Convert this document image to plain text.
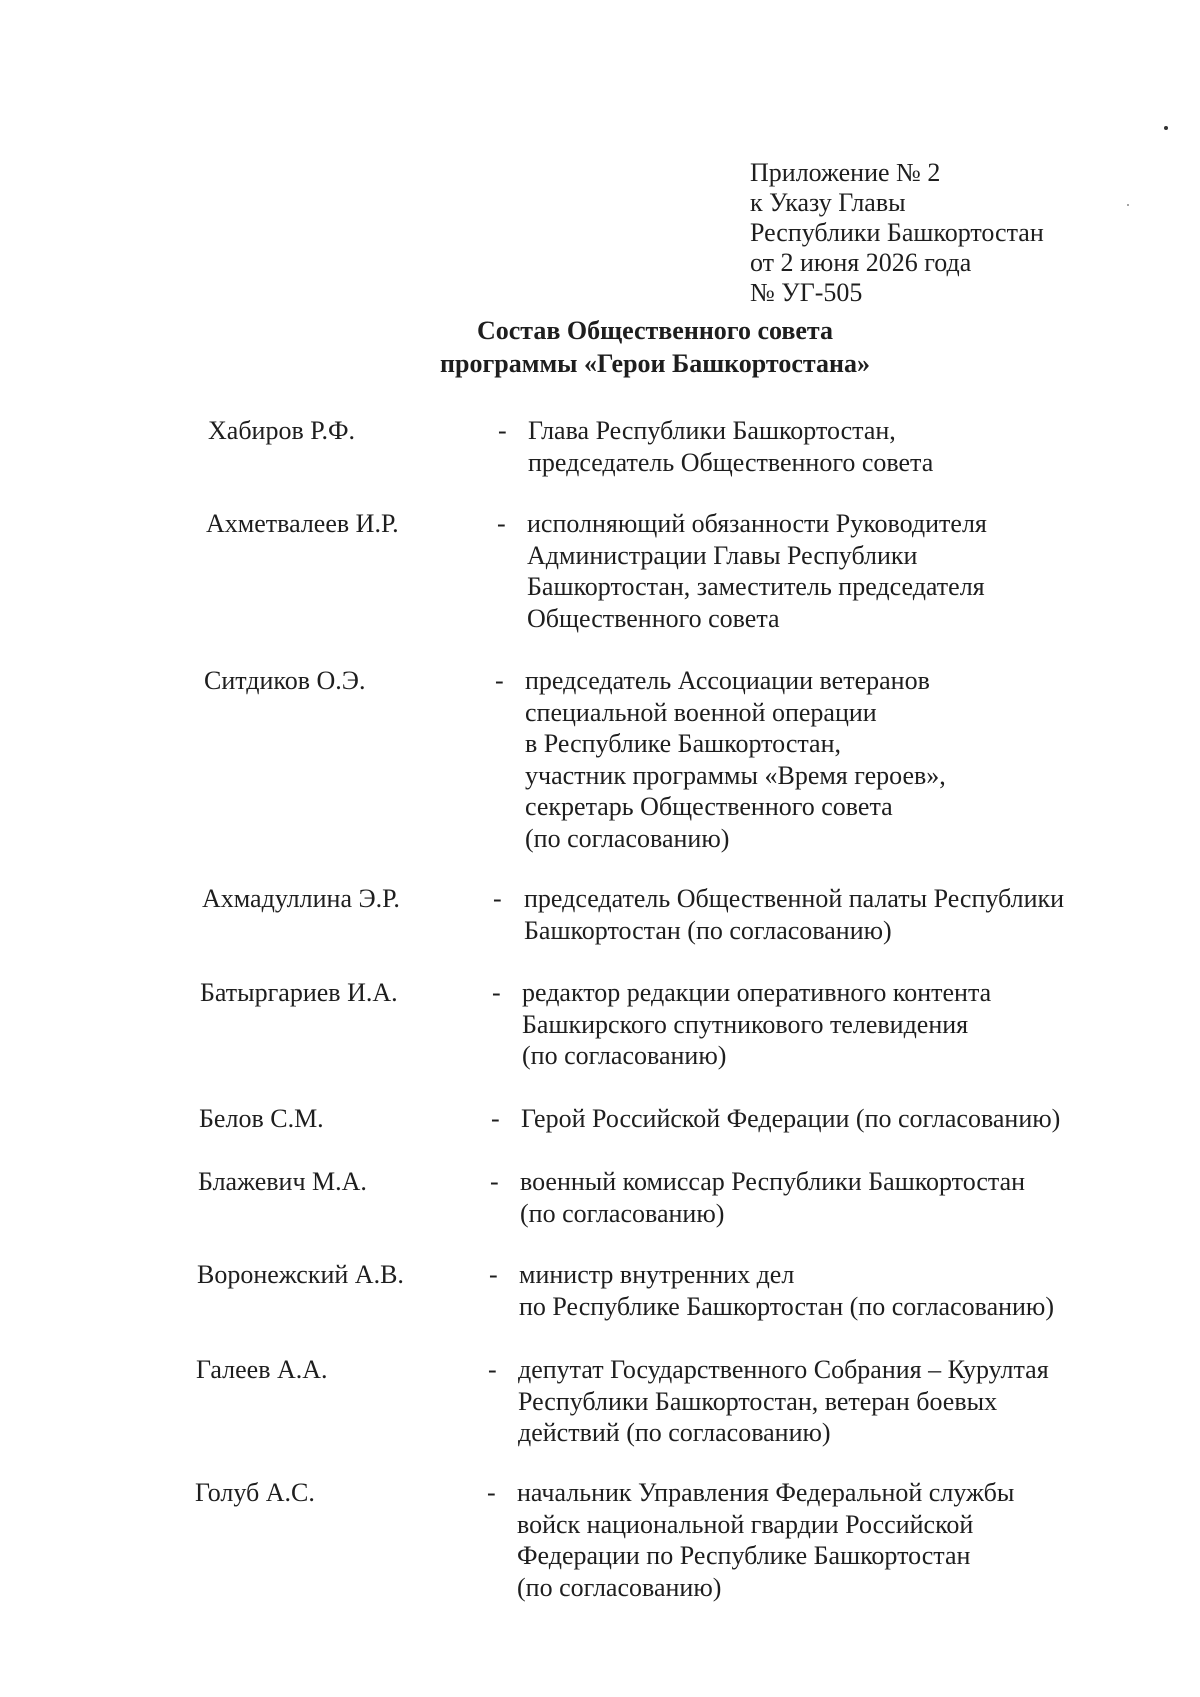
Приложение № 2
к Указу Главы
Республики Башкортостан
от 2 июня 2026 года
№ УГ-505
Состав Общественного совета
программы «Герои Башкортостана»
Хабиров Р.Ф.	- Глава Республики Башкортостан,
председатель Общественного совета
Ахметвалеев И.Р.	- исполняющий обязанности Руководителя
Администрации Главы Республики
Башкортостан, заместитель председателя
Общественного совета
Ситдиков О.Э.	- председатель Ассоциации ветеранов
специальной военной операции
в Республике Башкортостан,
участник программы «Время героев»,
секретарь Общественного совета
(по согласованию)
Ахмадуллина Э.Р.	- председатель Общественной палаты Республики
Башкортостан (по согласованию)
Батыргариев И.А.	- редактор редакции оперативного контента
Башкирского спутникового телевидения
(по согласованию)
Белов С.М.	- Герой Российской Федерации (по согласованию)
Блажевич М.А.	- военный комиссар Республики Башкортостан
(по согласованию)
Воронежский А.В.	- министр внутренних дел
по Республике Башкортостан (по согласованию)
Галеев А.А.	- депутат Государственного Собрания – Курултая
Республики Башкортостан, ветеран боевых
действий (по согласованию)
Голуб А.С.	- начальник Управления Федеральной службы
войск национальной гвардии Российской
Федерации по Республике Башкортостан
(по согласованию)
